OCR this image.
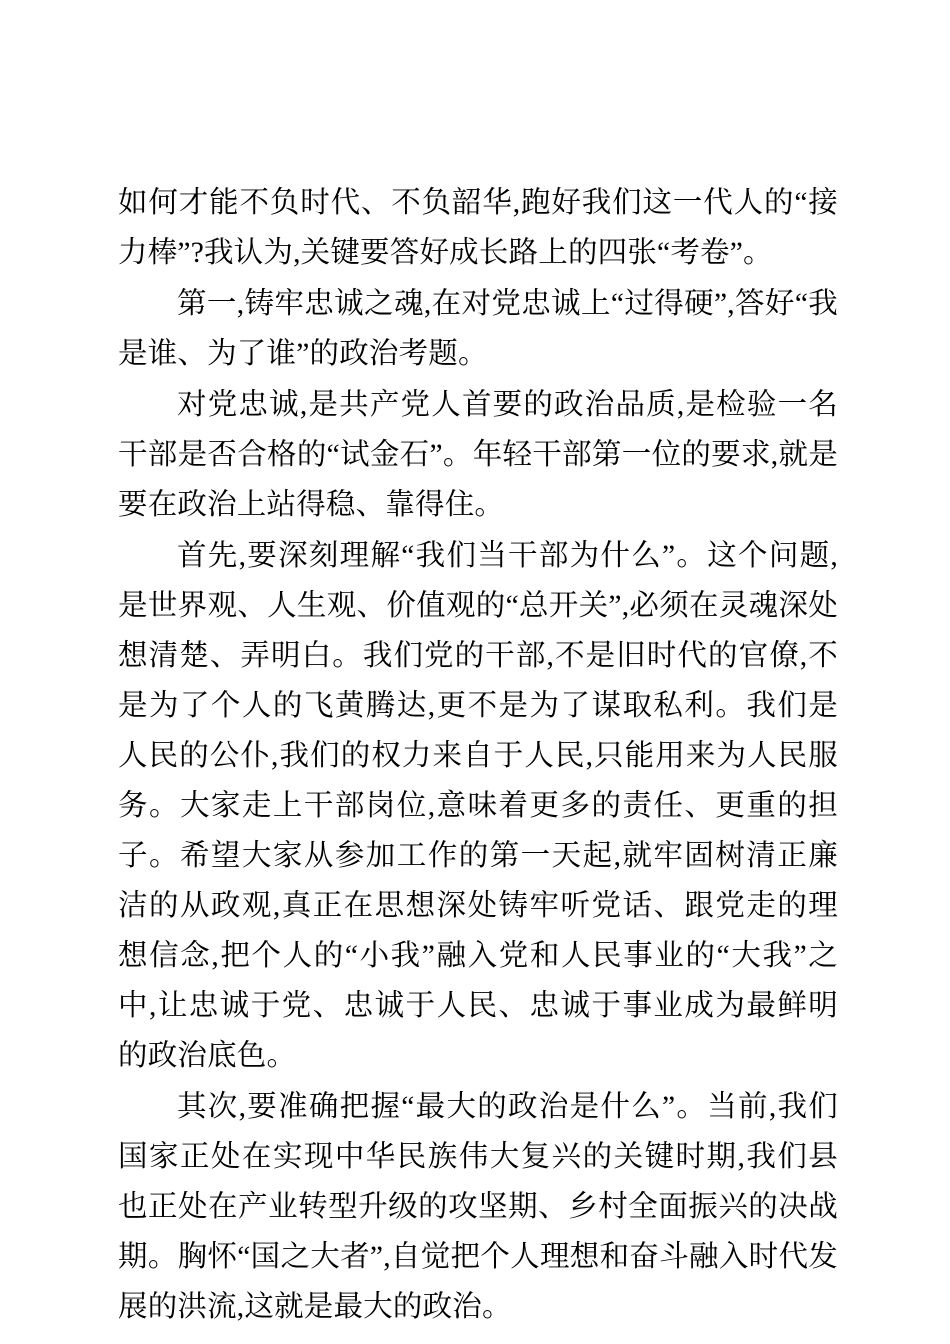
如何才能不负时代、不负韶华,跑好我们这一代人的“接力棒”?我认为,关键要答好成长路上的四张“考卷”。

第一,铸牢忠诚之魂,在对党忠诚上“过得硬”,答好“我是谁、为了谁”的政治考题。

对党忠诚,是共产党人首要的政治品质,是检验一名干部是否合格的“试金石”。年轻干部第一位的要求,就是要在政治上站得稳、靠得住。

首先,要深刻理解“我们当干部为什么”。这个问题,是世界观、人生观、价值观的“总开关”,必须在灵魂深处想清楚、弄明白。我们党的干部,不是旧时代的官僚,不是为了个人的飞黄腾达,更不是为了谋取私利。我们是人民的公仆,我们的权力来自于人民,只能用来为人民服务。大家走上干部岗位,意味着更多的责任、更重的担子。希望大家从参加工作的第一天起,就牢固树清正廉洁的从政观,真正在思想深处铸牢听党话、跟党走的理想信念,把个人的“小我”融入党和人民事业的“大我”之中,让忠诚于党、忠诚于人民、忠诚于事业成为最鲜明的政治底色。

其次,要准确把握“最大的政治是什么”。当前,我们国家正处在实现中华民族伟大复兴的关键时期,我们县也正处在产业转型升级的攻坚期、乡村全面振兴的决战期。胸怀“国之大者”,自觉把个人理想和奋斗融入时代发展的洪流,这就是最大的政治。
